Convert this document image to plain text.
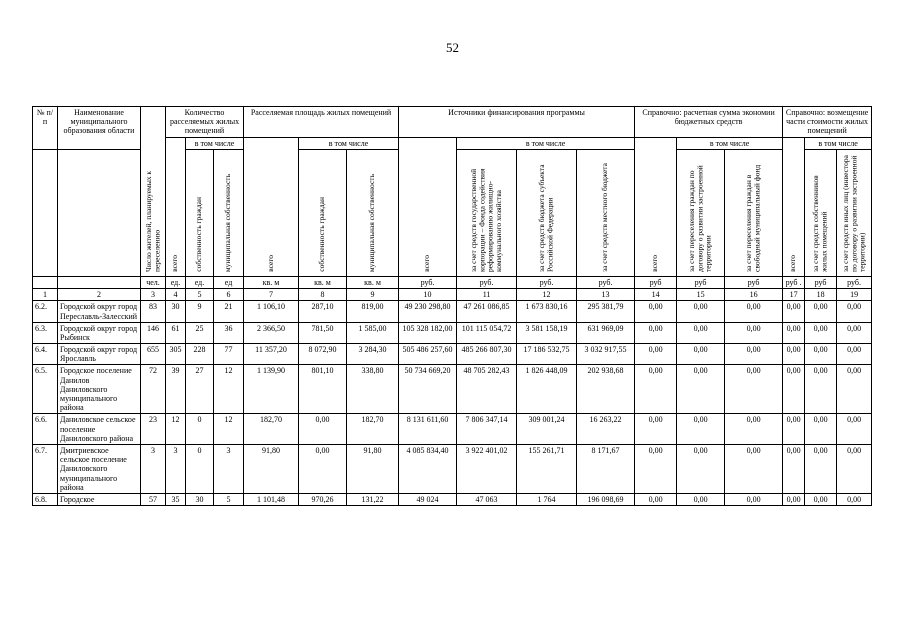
52
№ п/п	Наименование муниципального образования области	Число жителей, планируемых к переселению	Количество расселяемых жилых помещений			Расселяемая площадь жилых помещений			Источники финансирования программы				Справочно: расчетная сумма экономии бюджетных средств			Справочно: возмещение части стоимости жилых помещений		
			всего	в том числе		всего	в том числе		всего	в том числе			всего	в том числе		всего	в том числе	
				собственность граждан	муниципальная собственность		собственность граждан	муниципальная собственность		за счет средств государственной корпорации – Фонда содействия реформированию жилищно-коммунального хозяйства	за счет средств бюджета субъекта Российской Федерации	за счет средств местного бюджета		за счет переселения граждан по договору о развитии застроенной территории	за счет переселения граждан в свободный муниципальный фонд		за счет средств собственников жилых помещений	за счет средств иных лиц (инвестора по договору о развитии застроенной территории)
		чел.	ед.	ед.	ед	кв. м	кв. м	кв. м	руб.	руб.	руб.	руб.	руб	руб	руб	руб .	руб	руб.
1	2	3	4	5	6	7	8	9	10	11	12	13	14	15	16	17	18	19
6.2.	Городской округ город Переславль-Залесский	83	30	9	21	1 106,10	287,10	819,00	49 230 298,80	47 261 086,85	1 673 830,16	295 381,79	0,00	0,00	0,00	0,00	0,00	0,00
6.3.	Городской округ город Рыбинск	146	61	25	36	2 366,50	781,50	1 585,00	105 328 182,00	101 115 054,72	3 581 158,19	631 969,09	0,00	0,00	0,00	0,00	0,00	0,00
6.4.	Городской округ город Ярославль	655	305	228	77	11 357,20	8 072,90	3 284,30	505 486 257,60	485 266 807,30	17 186 532,75	3 032 917,55	0,00	0,00	0,00	0,00	0,00	0,00
6.5.	Городское поселение Данилов Даниловского муниципального района	72	39	27	12	1 139,90	801,10	338,80	50 734 669,20	48 705 282,43	1 826 448,09	202 938,68	0,00	0,00	0,00	0,00	0,00	0,00
6.6.	Даниловское сельское поселение Даниловского района	23	12	0	12	182,70	0,00	182,70	8 131 611,60	7 806 347,14	309 001,24	16 263,22	0,00	0,00	0,00	0,00	0,00	0,00
6.7.	Дмитриевское сельское поселение Даниловского муниципального района	3	3	0	3	91,80	0,00	91,80	4 085 834,40	3 922 401,02	155 261,71	8 171,67	0,00	0,00	0,00	0,00	0,00	0,00
6.8.	Городское	57	35	30	5	1 101,48	970,26	131,22	49 024	47 063	1 764	196 098,69	0,00	0,00	0,00	0,00	0,00	0,00
